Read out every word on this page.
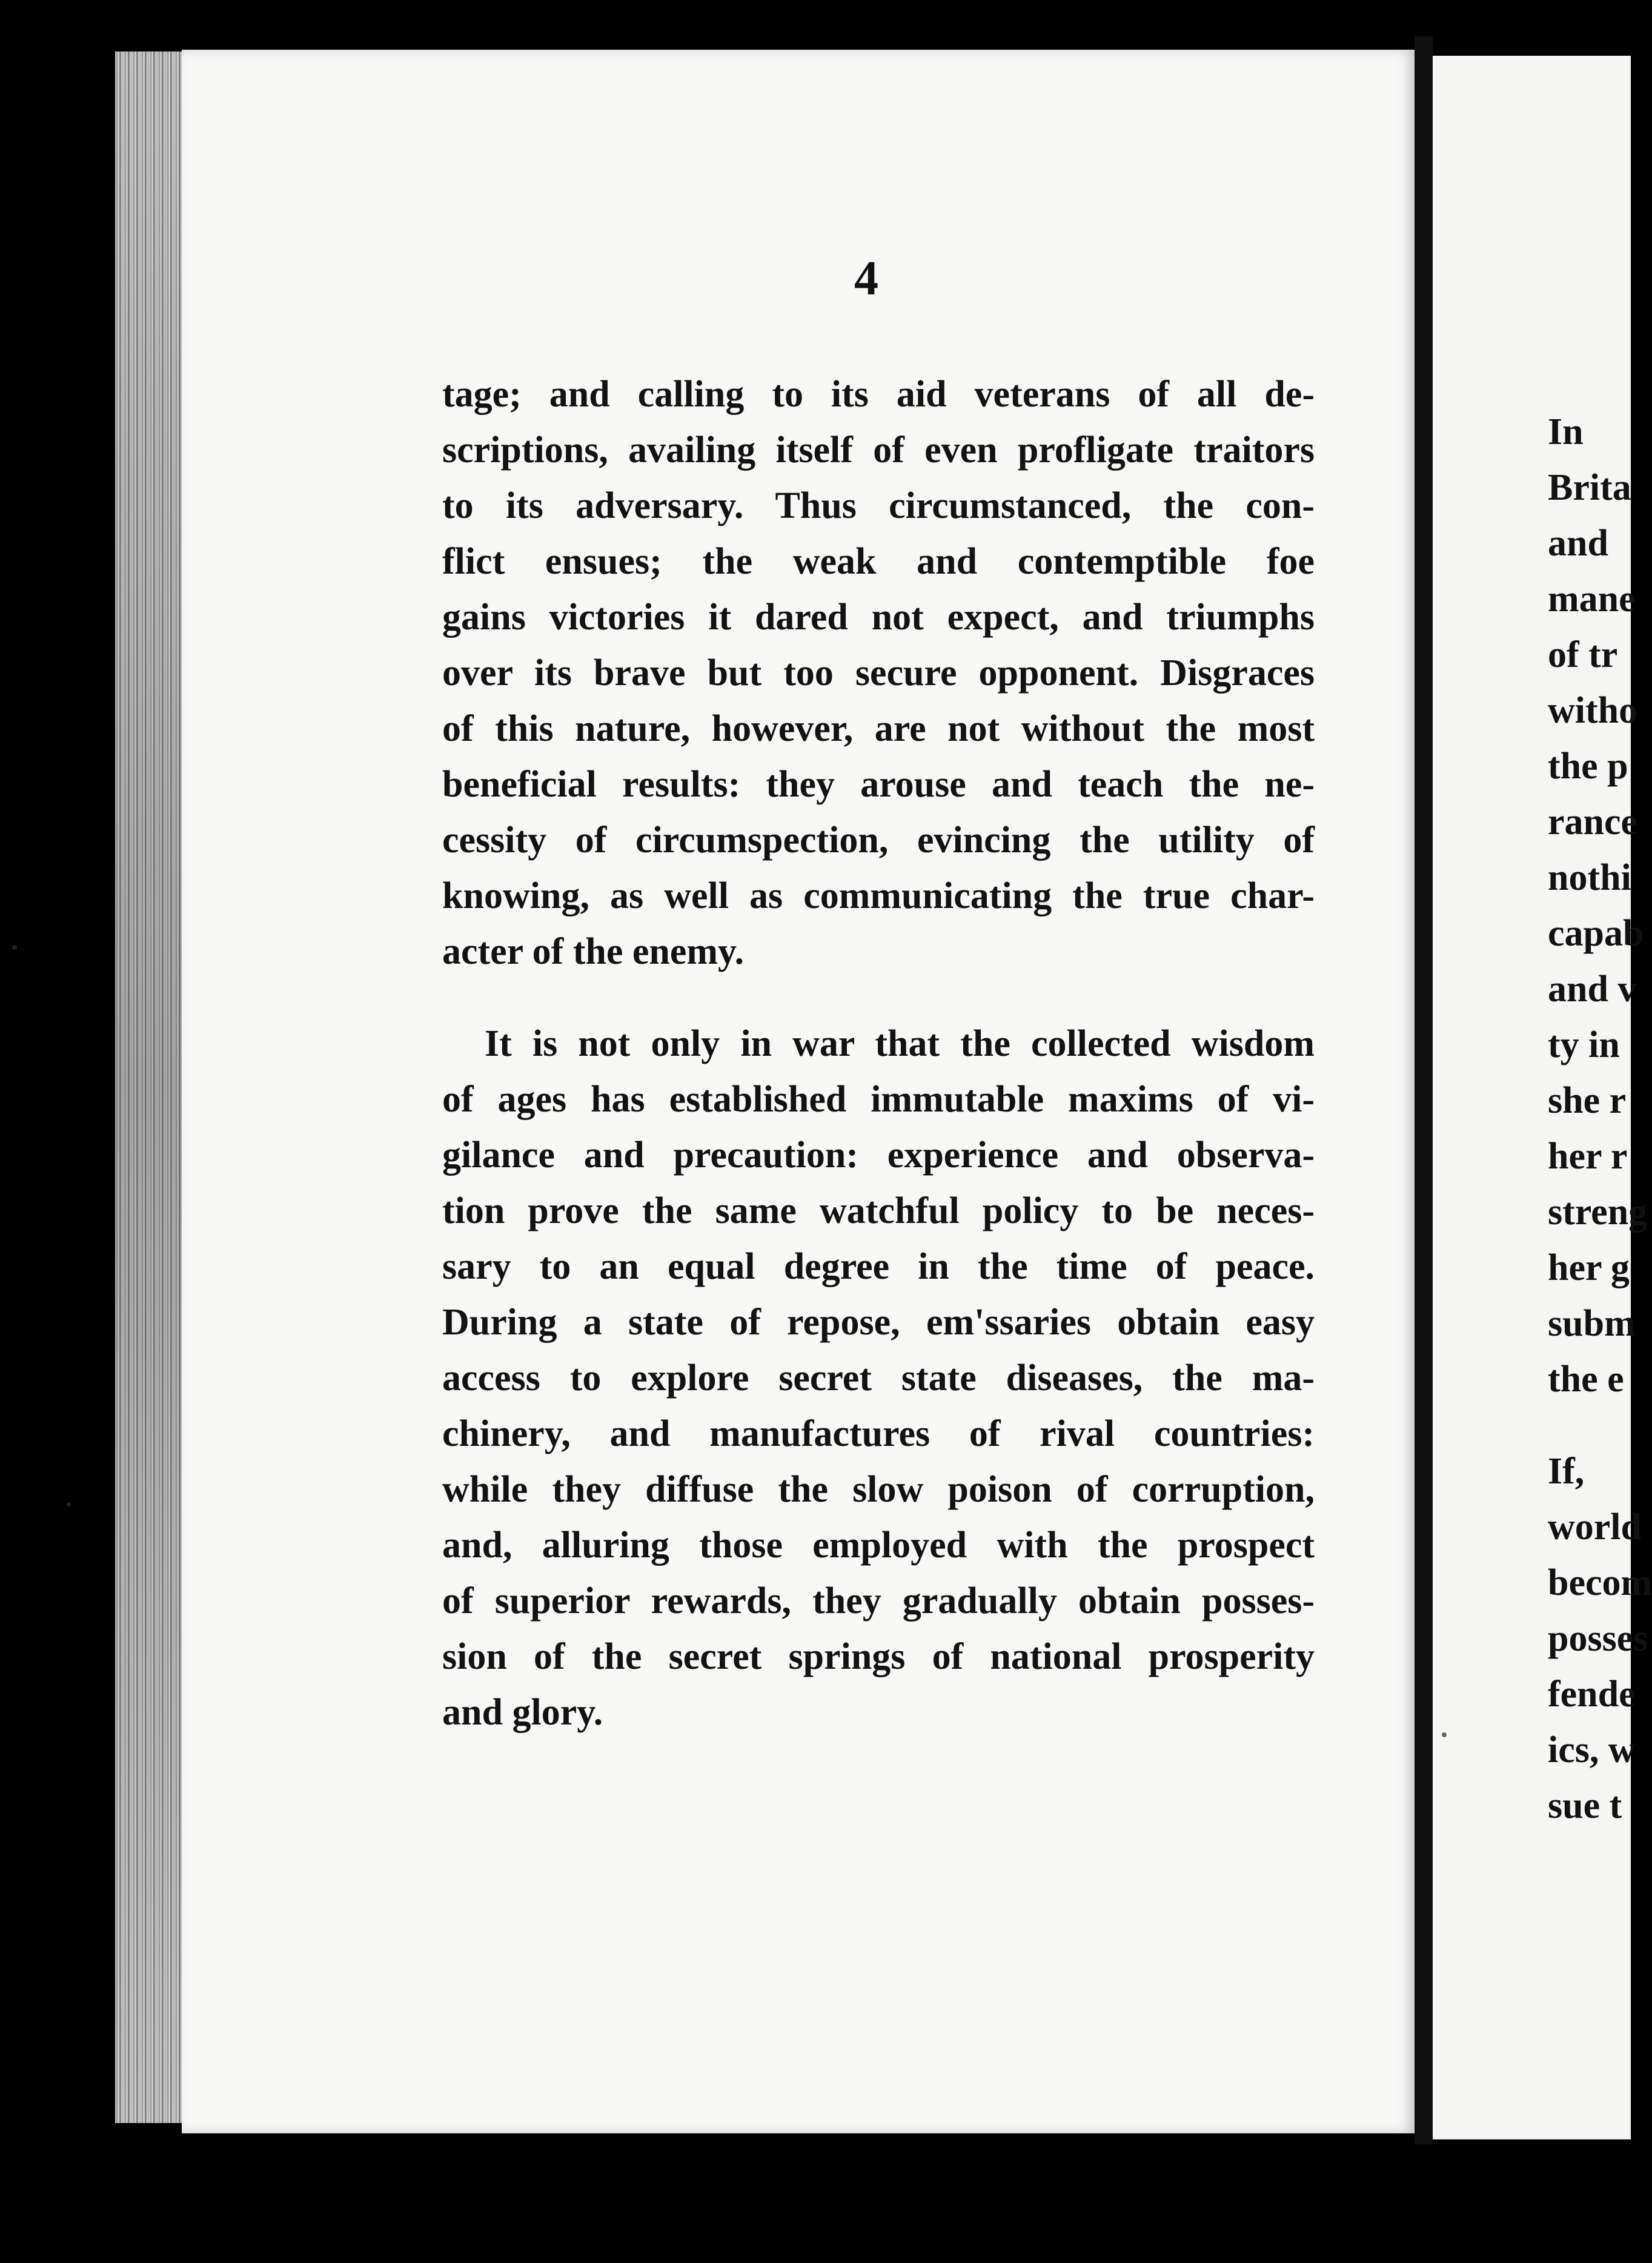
In
Brita
and
mane
of tr
witho
the p
rance
nothi
capab
and v
ty in
she r
her r
streng
her g
subm
the e
If,
world
becom
posses
fende
ics, w
sue t
4
tage; and calling to its aid veterans of all de-
scriptions, availing itself of even profligate traitors
to its adversary. Thus circumstanced, the con-
flict ensues; the weak and contemptible foe
gains victories it dared not expect, and triumphs
over its brave but too secure opponent. Disgraces
of this nature, however, are not without the most
beneficial results: they arouse and teach the ne-
cessity of circumspection, evincing the utility of
knowing, as well as communicating the true char-
acter of the enemy.
It is not only in war that the collected wisdom
of ages has established immutable maxims of vi-
gilance and precaution: experience and observa-
tion prove the same watchful policy to be neces-
sary to an equal degree in the time of peace.
During a state of repose, em'ssaries obtain easy
access to explore secret state diseases, the ma-
chinery, and manufactures of rival countries:
while they diffuse the slow poison of corruption,
and, alluring those employed with the prospect
of superior rewards, they gradually obtain posses-
sion of the secret springs of national prosperity
and glory.
